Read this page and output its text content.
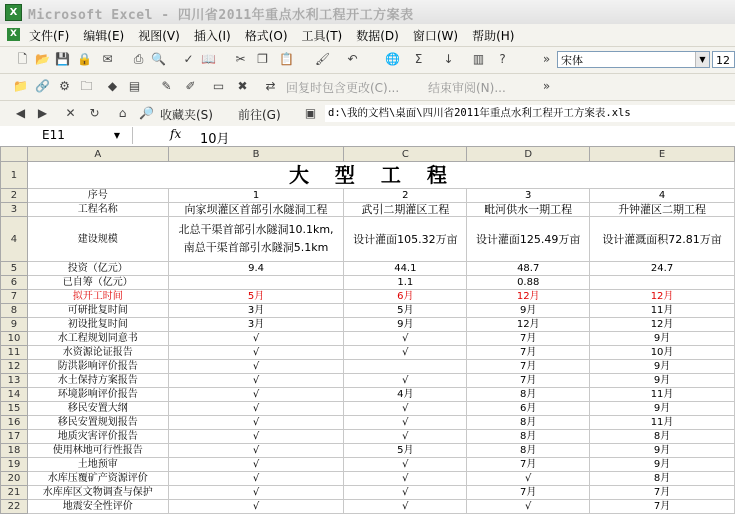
X Microsoft Excel - 四川省2011年重点水利工程开工方案表
X	文件(F)	编辑(E)	视图(V)	插入(I)	格式(O)	工具(T)	数据(D)	窗口(W)	帮助(H)
🗋 📂 💾 🔒 ✉	⎙ 🔍 ✓ 📖 ✂ ❐ 📋 🖌 ↶ 🌐	Σ	↓ ▥	?	» 宋体	▼ 12
📁 🔗 ⚙ 🗀	◆ ▤ ✎ ✐ ▭ ✖ ⇄ 回复时包含更改(C)... 结束审阅(N)...	»
◀	▶	✕ ↻	⌂	🔎 收藏夹(S) 前往(G) ▣ d:\我的文档\桌面\四川省2011年重点水利工程开工方案表.xls
E11	▼	fx 10月
	A	B	C	D	E
1	大型工程				
2	序号	1	2	3	4
3	工程名称	向家坝灌区首部引水隧洞工程	武引二期灌区工程	毗河供水一期工程	升钟灌区二期工程
4	建设规模	北总干渠首部引水隧洞10.1km,
南总干渠首部引水隧洞5.1km	设计灌面105.32万亩	设计灌面125.49万亩	设计灌溉面积72.81万亩
5	投资（亿元）	9.4	44.1	48.7	24.7
6	已自筹（亿元）		1.1	0.88	
7	拟开工时间	5月	6月	12月	12月
8	可研批复时间	3月	5月	9月	11月
9	初设批复时间	3月	9月	12月	12月
10	水工程规划同意书	√	√	7月	9月
11	水资源论证报告	√	√	7月	10月
12	防洪影响评价报告	√		7月	9月
13	水土保持方案报告	√	√	7月	9月
14	环境影响评价报告	√	4月	8月	11月
15	移民安置大纲	√	√	6月	9月
16	移民安置规划报告	√	√	8月	11月
17	地质灾害评价报告	√	√	8月	8月
18	使用林地可行性报告	√	5月	8月	9月
19	土地预审	√	√	7月	9月
20	水库压覆矿产资源评价	√	√	√	8月
21	水库库区文物调查与保护	√	√	7月	7月
22	地震安全性评价	√	√	√	7月
